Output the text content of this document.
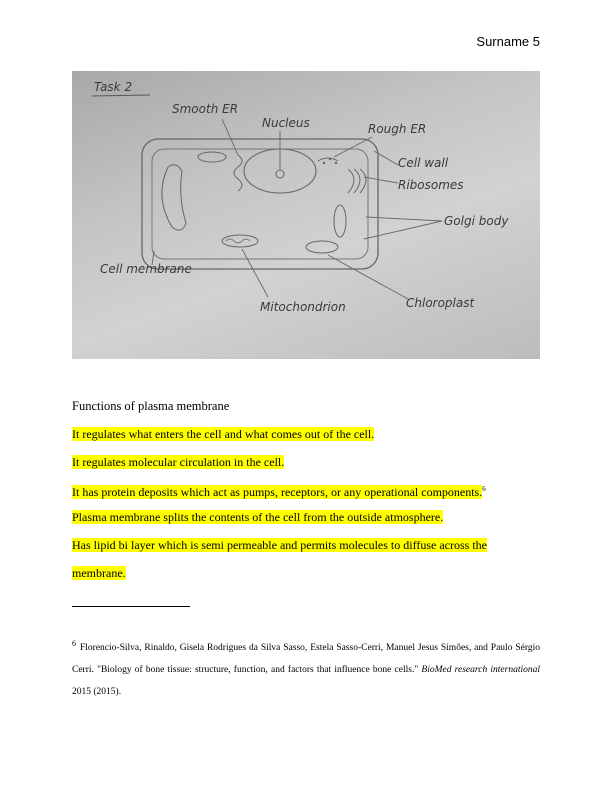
Surname 5
Task 2
Smooth ER
Nucleus	Rough ER
Cell wall
Ribosomes
Golgi body
Cell membrane
Mitochondrion	Chloroplast
Functions of plasma membrane
It regulates what enters the cell and what comes out of the cell.
It regulates molecular circulation in the cell.
It has protein deposits which act as pumps, receptors, or any operational components.$^6$
Plasma membrane splits the contents of the cell from the outside atmosphere.
Has lipid bi layer which is semi permeable and permits molecules to diffuse across the
membrane.
$^6$ Florencio-Silva, Rinaldo, Gisela Rodrigues da Silva Sasso, Estela Sasso-Cerri, Manuel Jesus Simões, and Paulo Sérgio Cerri. "Biology of bone tissue: structure, function, and factors that influence bone cells." BioMed research international 2015 (2015).
